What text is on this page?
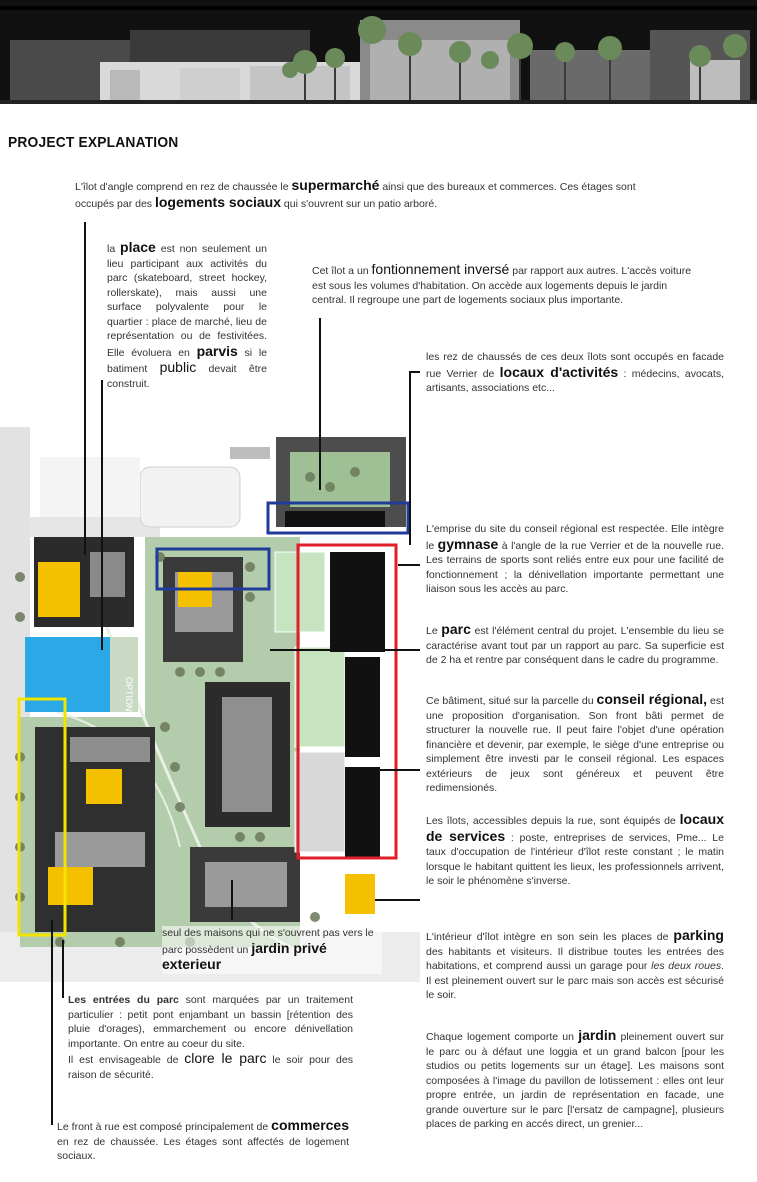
PROJECT EXPLANATION
OPTION
L'îlot d'angle comprend en rez de chaussée le supermarché ainsi que des bureaux et commerces. Ces étages sont occupés par des logements sociaux qui s'ouvrent sur un patio arboré.
la place est non seulement un lieu participant aux activités du parc (skateboard, street hockey, rollerskate), mais aussi une surface polyvalente pour le quartier : place de marché, lieu de représentation ou de festivitées. Elle évoluera en parvis si le batiment public devait être construit.
Cet îlot a un fontionnement inversé par rapport aux autres. L'accès voiture est sous les volumes d'habitation. On accède aux logements depuis le jardin central. Il regroupe une part de logements sociaux plus importante.
les rez de chaussés de ces deux îlots sont occupés en facade rue Verrier de locaux d'activités : médecins, avocats, artisants, associations etc...
L'emprise du site du conseil régional est respectée. Elle intègre le gymnase à l'angle de la rue Verrier et de la nouvelle rue. Les terrains de sports sont reliés entre eux pour une facilité de fonctionnement ; la dénivellation importante permettant une liaison sous les accès au parc.
Le parc est l'élément central du projet. L'ensemble du lieu se caractérise avant tout par un rapport au parc. Sa superficie est de 2 ha et rentre par conséquent dans le cadre du programme.
Ce bâtiment, situé sur la parcelle du conseil régional, est une proposition d'organisation. Son front bâti permet de structurer la nouvelle rue. Il peut faire l'objet d'une opération financière et devenir, par exemple, le siège d'une entreprise ou simplement être investi par le conseil régional. Les espaces extérieurs de jeux sont généreux et peuvent être redimensionés.
Les îlots, accessibles depuis la rue, sont équipés de locaux de services : poste, entreprises de services, Pme... Le taux d'occupation de l'intérieur d'îlot reste constant ; le matin lorsque le habitant quittent les lieux, les professionnels arrivent, le soir le phénomène s'inverse.
seul des maisons qui ne s'ouvrent pas vers le parc possèdent un jardin privé
exterieur
L'intérieur d'îlot intègre en son sein les places de parking des habitants et visiteurs. Il distribue toutes les entrées des habitations, et comprend aussi un garage pour les deux roues. Il est pleinement ouvert sur le parc mais son accès est sécurisé le soir.
Les entrées du parc sont marquées par un traitement particulier : petit pont enjambant un bassin [rétention des pluie d'orages), emmarchement ou encore dénivellation importante. On entre au coeur du site.
Il est envisageable de clore le parc le soir pour des raison de sécurité.
Chaque logement comporte un jardin pleinement ouvert sur le parc ou à défaut une loggia et un grand balcon [pour les studios ou petits logements sur un étage]. Les maisons sont composées à l'image du pavillon de lotissement : elles ont leur propre entrée, un jardin de représentation en facade, une grande ouverture sur le parc [l'ersatz de campagne], plusieurs places de parking en accés direct, un grenier...
Le front à rue est composé principalement de commerces en rez de chaussée. Les étages sont affectés de logement sociaux.
